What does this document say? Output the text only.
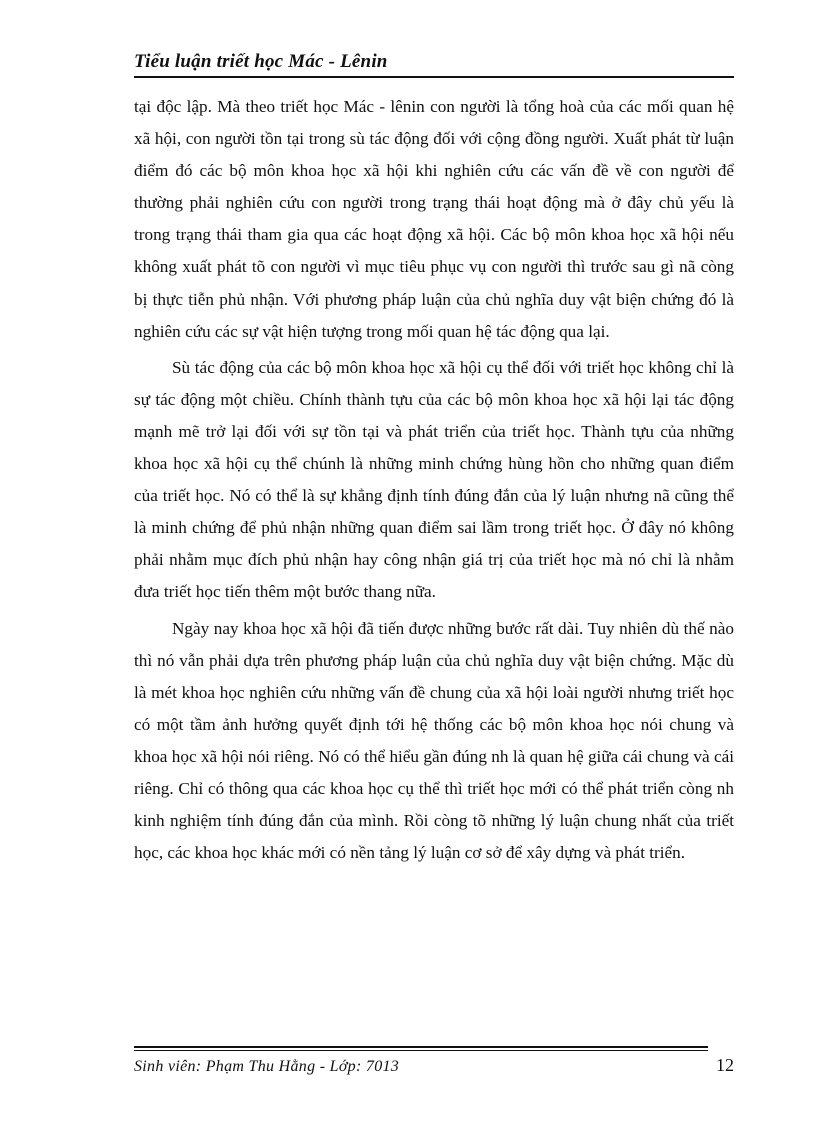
Tiểu luận triết học Mác - Lênin

tại độc lập. Mà theo triết học Mác - lênin con người là tổng hoà của các mối quan hệ xã hội, con người tồn tại trong sù tác động đối với cộng đồng người. Xuất phát từ luận điểm đó các bộ môn khoa học xã hội khi nghiên cứu các vấn đề về con người để thường phải nghiên cứu con người trong trạng thái hoạt động mà ở đây chủ yếu là trong trạng thái tham gia qua các hoạt động xã hội. Các bộ môn khoa học xã hội nếu không xuất phát tõ con người vì mục tiêu phục vụ con người thì trước sau gì nã còng bị thực tiễn phủ nhận. Với phương pháp luận của chủ nghĩa duy vật biện chứng đó là nghiên cứu các sự vật hiện tượng trong mối quan hệ tác động qua lại.

Sù tác động của các bộ môn khoa học xã hội cụ thể đối với triết học không chỉ là sự tác động một chiều. Chính thành tựu của các bộ môn khoa học xã hội lại tác động mạnh mẽ trở lại đối với sự tồn tại và phát triển của triết học. Thành tựu của những khoa học xã hội cụ thể chúnh là những minh chứng hùng hồn cho những quan điểm của triết học. Nó có thể là sự khẳng định tính đúng đắn của lý luận nhưng nã cũng thể là minh chứng để phủ nhận những quan điểm sai lầm trong triết học. Ở đây nó không phải nhằm mục đích phủ nhận hay công nhận giá trị của triết học mà nó chỉ là nhằm đưa triết học tiến thêm một bước thang nữa.

Ngày nay khoa học xã hội đã tiến được những bước rất dài. Tuy nhiên dù thế nào thì nó vẫn phải dựa trên phương pháp luận của chủ nghĩa duy vật biện chứng. Mặc dù là mét khoa học nghiên cứu những vấn đề chung của xã hội loài người nhưng triết học có một tầm ảnh hưởng quyết định tới hệ thống các bộ môn khoa học nói chung và khoa học xã hội nói riêng. Nó có thể hiểu gần đúng nh là quan hệ giữa cái chung và cái riêng. Chỉ có thông qua các khoa học cụ thể thì triết học mới có thể phát triển còng nh kinh nghiệm tính đúng đắn của mình. Rồi còng tõ những lý luận chung nhất của triết học, các khoa học khác mới có nền tảng lý luận cơ sở để xây dựng và phát triển.

Sinh viên: Phạm Thu Hằng - Lớp: 7013	12
